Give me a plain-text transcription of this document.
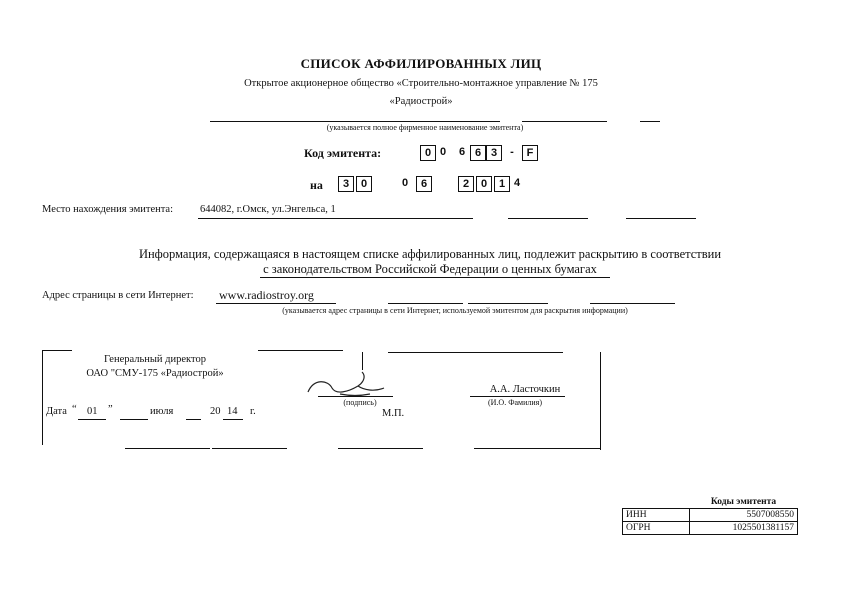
СПИСОК АФФИЛИРОВАННЫХ ЛИЦ
Открытое акционерное общество «Строительно-монтажное управление № 175
«Радиострой»
(указывается полное фирменное наименование эмитента)
Код эмитента:	0 0	6 6 3	-	F
на	3	0	0	6	2	0	1 4
Место нахождения эмитента:	644082, г.Омск, ул.Энгельса, 1
Информация, содержащаяся в настоящем списке аффилированных лиц, подлежит раскрытию в соответствии
с законодательством Российской Федерации о ценных бумагах
Адрес страницы в сети Интернет: www.radiostroy.org
(указывается адрес страницы в сети Интернет, используемой эмитентом для раскрытия информации)
Генеральный директор
ОАО "СМУ-175 «Радиострой»
(подпись)
А.А. Ласточкин
(И.О. Фамилия)
Дата “ 01 ”	июля	20 14 г.	М.П.
	Коды эмитента
ИНН	5507008550
ОГРН	1025501381157
